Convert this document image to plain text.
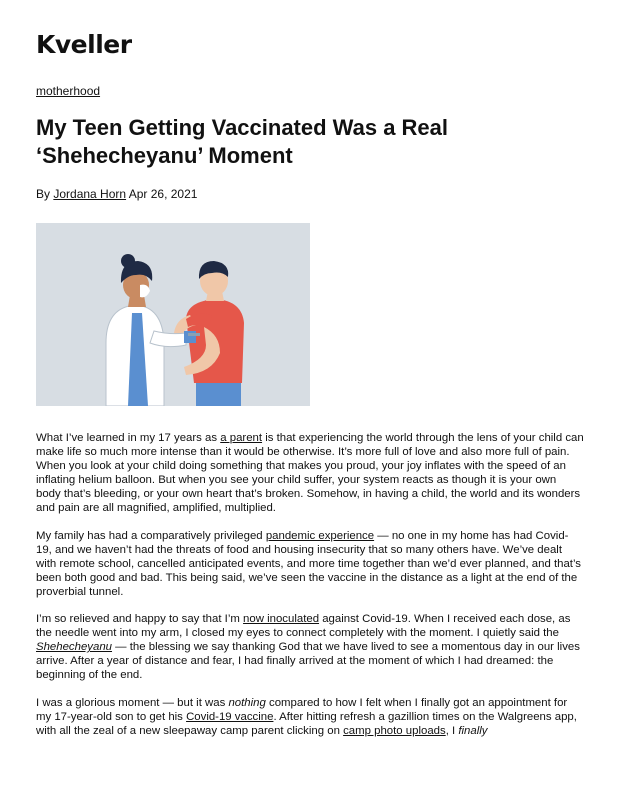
Kveller
motherhood
My Teen Getting Vaccinated Was a Real ‘Shehecheyanu’ Moment
By Jordana Horn Apr 26, 2021

What I’ve learned in my 17 years as a parent is that experiencing the world through the lens of your child can make life so much more intense than it would be otherwise. It’s more full of love and also more full of pain. When you look at your child doing something that makes you proud, your joy inflates with the speed of an inflating helium balloon. But when you see your child suffer, your system reacts as though it is your own body that’s bleeding, or your own heart that’s broken. Somehow, in having a child, the world and its wonders and pain are all magnified, amplified, multiplied.

My family has had a comparatively privileged pandemic experience — no one in my home has had Covid-19, and we haven’t had the threats of food and housing insecurity that so many others have. We’ve dealt with remote school, cancelled anticipated events, and more time together than we’d ever planned, and that’s been both good and bad. This being said, we’ve seen the vaccine in the distance as a light at the end of the proverbial tunnel.

I’m so relieved and happy to say that I’m now inoculated against Covid-19. When I received each dose, as the needle went into my arm, I closed my eyes to connect completely with the moment. I quietly said the Shehecheyanu — the blessing we say thanking God that we have lived to see a momentous day in our lives arrive. After a year of distance and fear, I had finally arrived at the moment of which I had dreamed: the beginning of the end.

I was a glorious moment — but it was nothing compared to how I felt when I finally got an appointment for my 17-year-old son to get his Covid-19 vaccine. After hitting refresh a gazillion times on the Walgreens app, with all the zeal of a new sleepaway camp parent clicking on camp photo uploads, I finally
